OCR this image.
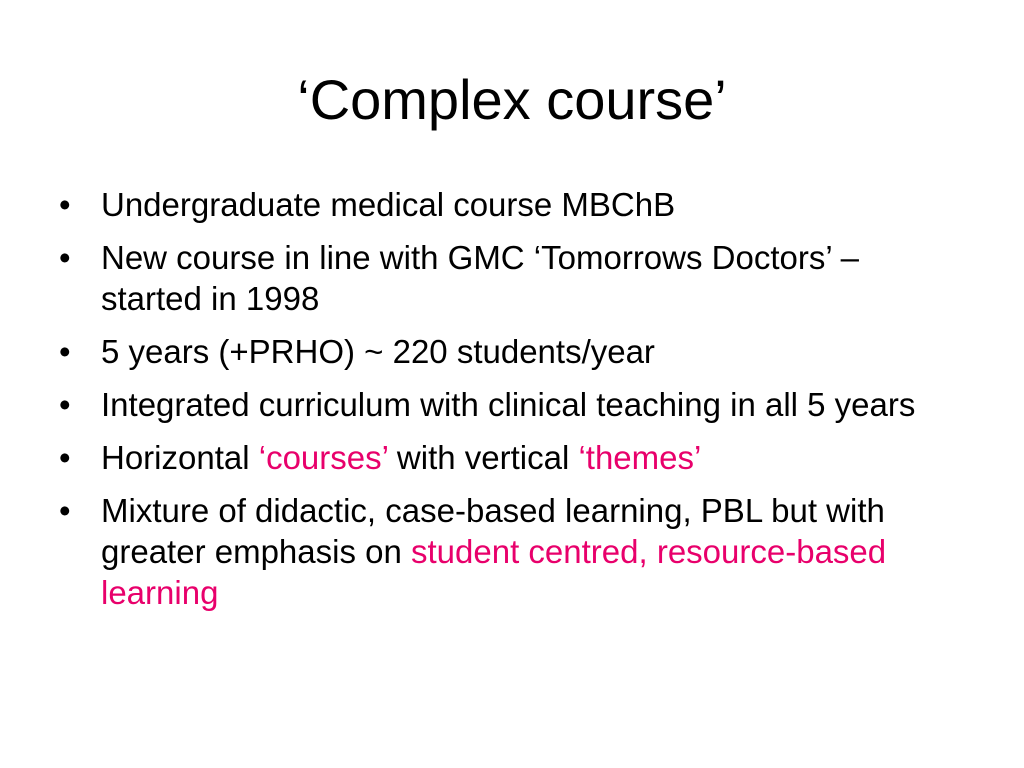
‘Complex course’
• Undergraduate medical course MBChB
• New course in line with GMC ‘Tomorrows Doctors’ – started in 1998
• 5 years (+PRHO) ~ 220 students/year
• Integrated curriculum with clinical teaching in all 5 years
• Horizontal ‘courses’ with vertical ‘themes’
• Mixture of didactic, case-based learning, PBL but with greater emphasis on student centred, resource-based learning
